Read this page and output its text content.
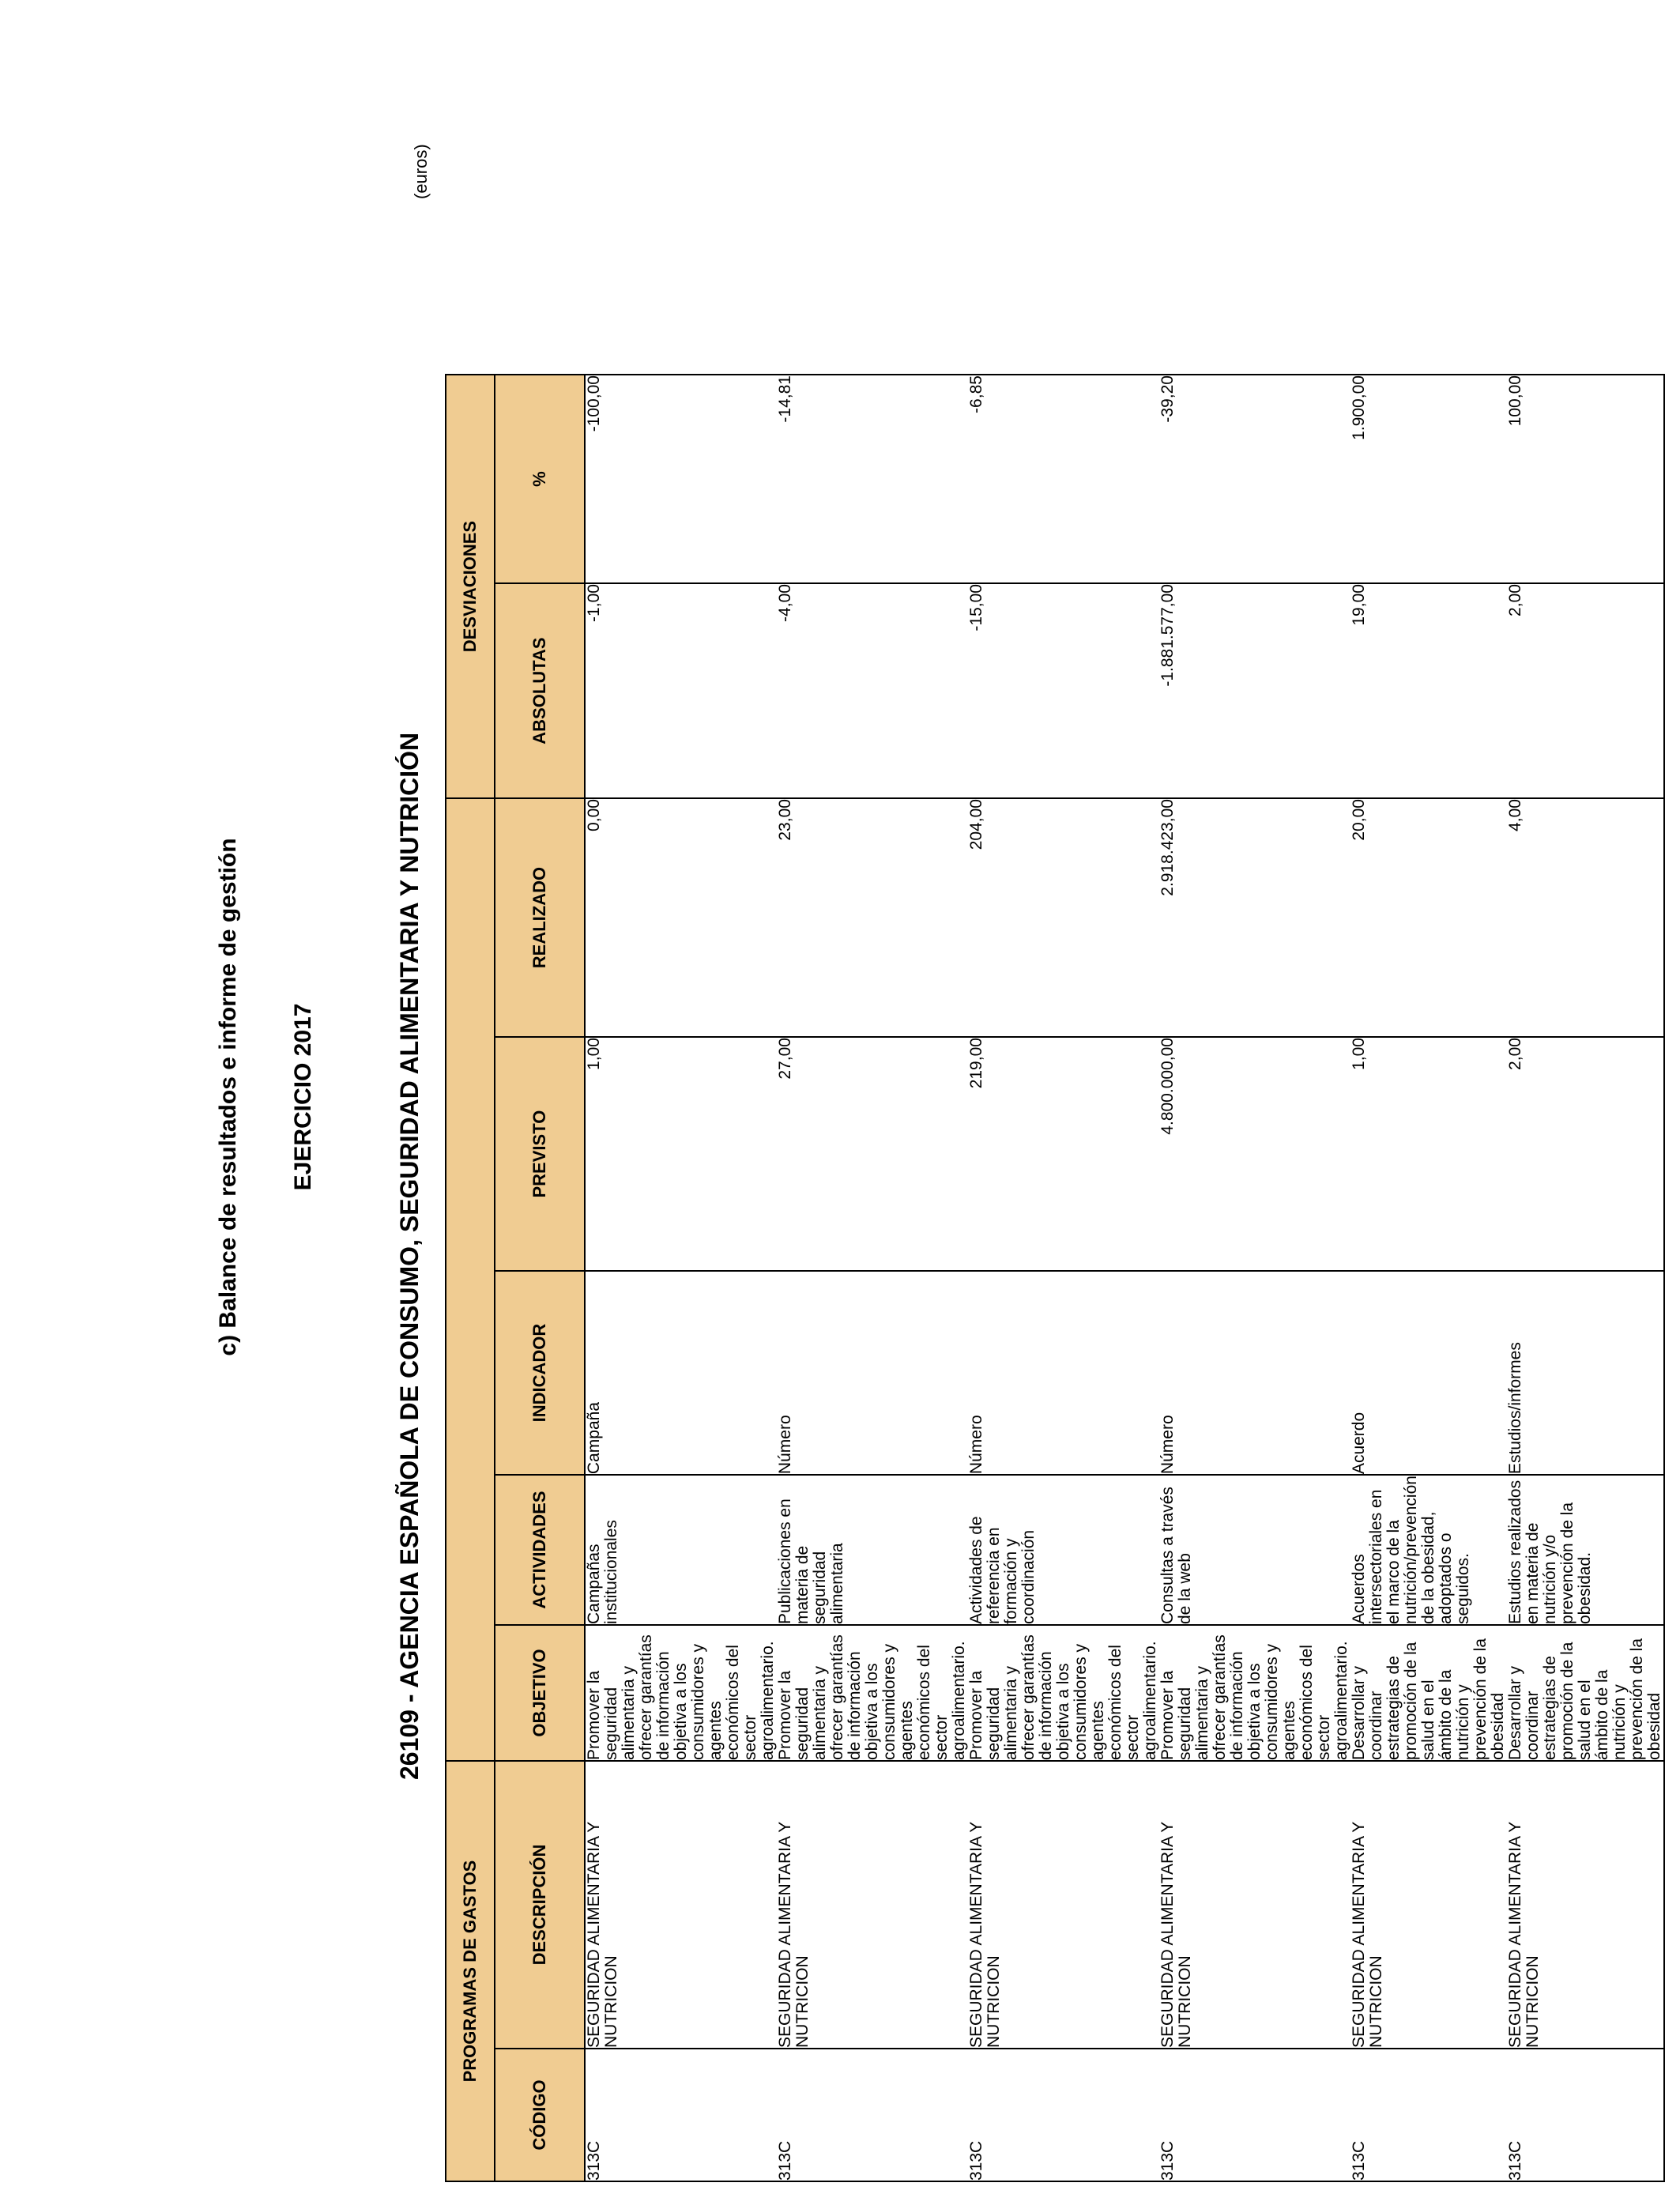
c) Balance de resultados e informe de gestión EJERCICIO 2017	26109 - AGENCIA ESPAÑOLA DE CONSUMO, SEGURIDAD ALIMENTARIA Y NUTRICIÓN
(euros)
PROGRAMAS DE GASTOS							DESVIACIONES	
CÓDIGO	DESCRIPCIÓN	OBJETIVO	ACTIVIDADES	INDICADOR	PREVISTO	REALIZADO	ABSOLUTAS	%
313C	SEGURIDAD ALIMENTARIA Y NUTRICION	Promover la seguridad alimentaria y ofrecer garantías de información objetiva a los consumidores y agentes económicos del sector agroalimentario.	Campañas institucionales	Campaña	1,00	0,00	-1,00	-100,00
313C	SEGURIDAD ALIMENTARIA Y NUTRICION	Promover la seguridad alimentaria y ofrecer garantías de información objetiva a los consumidores y agentes económicos del sector agroalimentario.	Publicaciones en materia de seguridad alimentaria	Número	27,00	23,00	-4,00	-14,81
313C	SEGURIDAD ALIMENTARIA Y NUTRICION	Promover la seguridad alimentaria y ofrecer garantías de información objetiva a los consumidores y agentes económicos del sector agroalimentario.	Actividades de referencia en formación y coordinación	Número	219,00	204,00	-15,00	-6,85
313C	SEGURIDAD ALIMENTARIA Y NUTRICION	Promover la seguridad alimentaria y ofrecer garantías de información objetiva a los consumidores y agentes económicos del sector agroalimentario.	Consultas a través de la web	Número	4.800.000,00	2.918.423,00	-1.881.577,00	-39,20
313C	SEGURIDAD ALIMENTARIA Y NUTRICION	Desarrollar y coordinar estrategias de promoción de la salud en el ámbito de la nutrición y prevención de la obesidad	Acuerdos intersectoriales en el marco de la nutrición/prevención de la obesidad, adoptados o seguidos.	Acuerdo	1,00	20,00	19,00	1.900,00
313C	SEGURIDAD ALIMENTARIA Y NUTRICION	Desarrollar y coordinar estrategias de promoción de la salud en el ámbito de la nutrición y prevención de la obesidad	Estudios realizados en materia de nutrición y/o prevención de la obesidad.	Estudios/informes	2,00	4,00	2,00	100,00
